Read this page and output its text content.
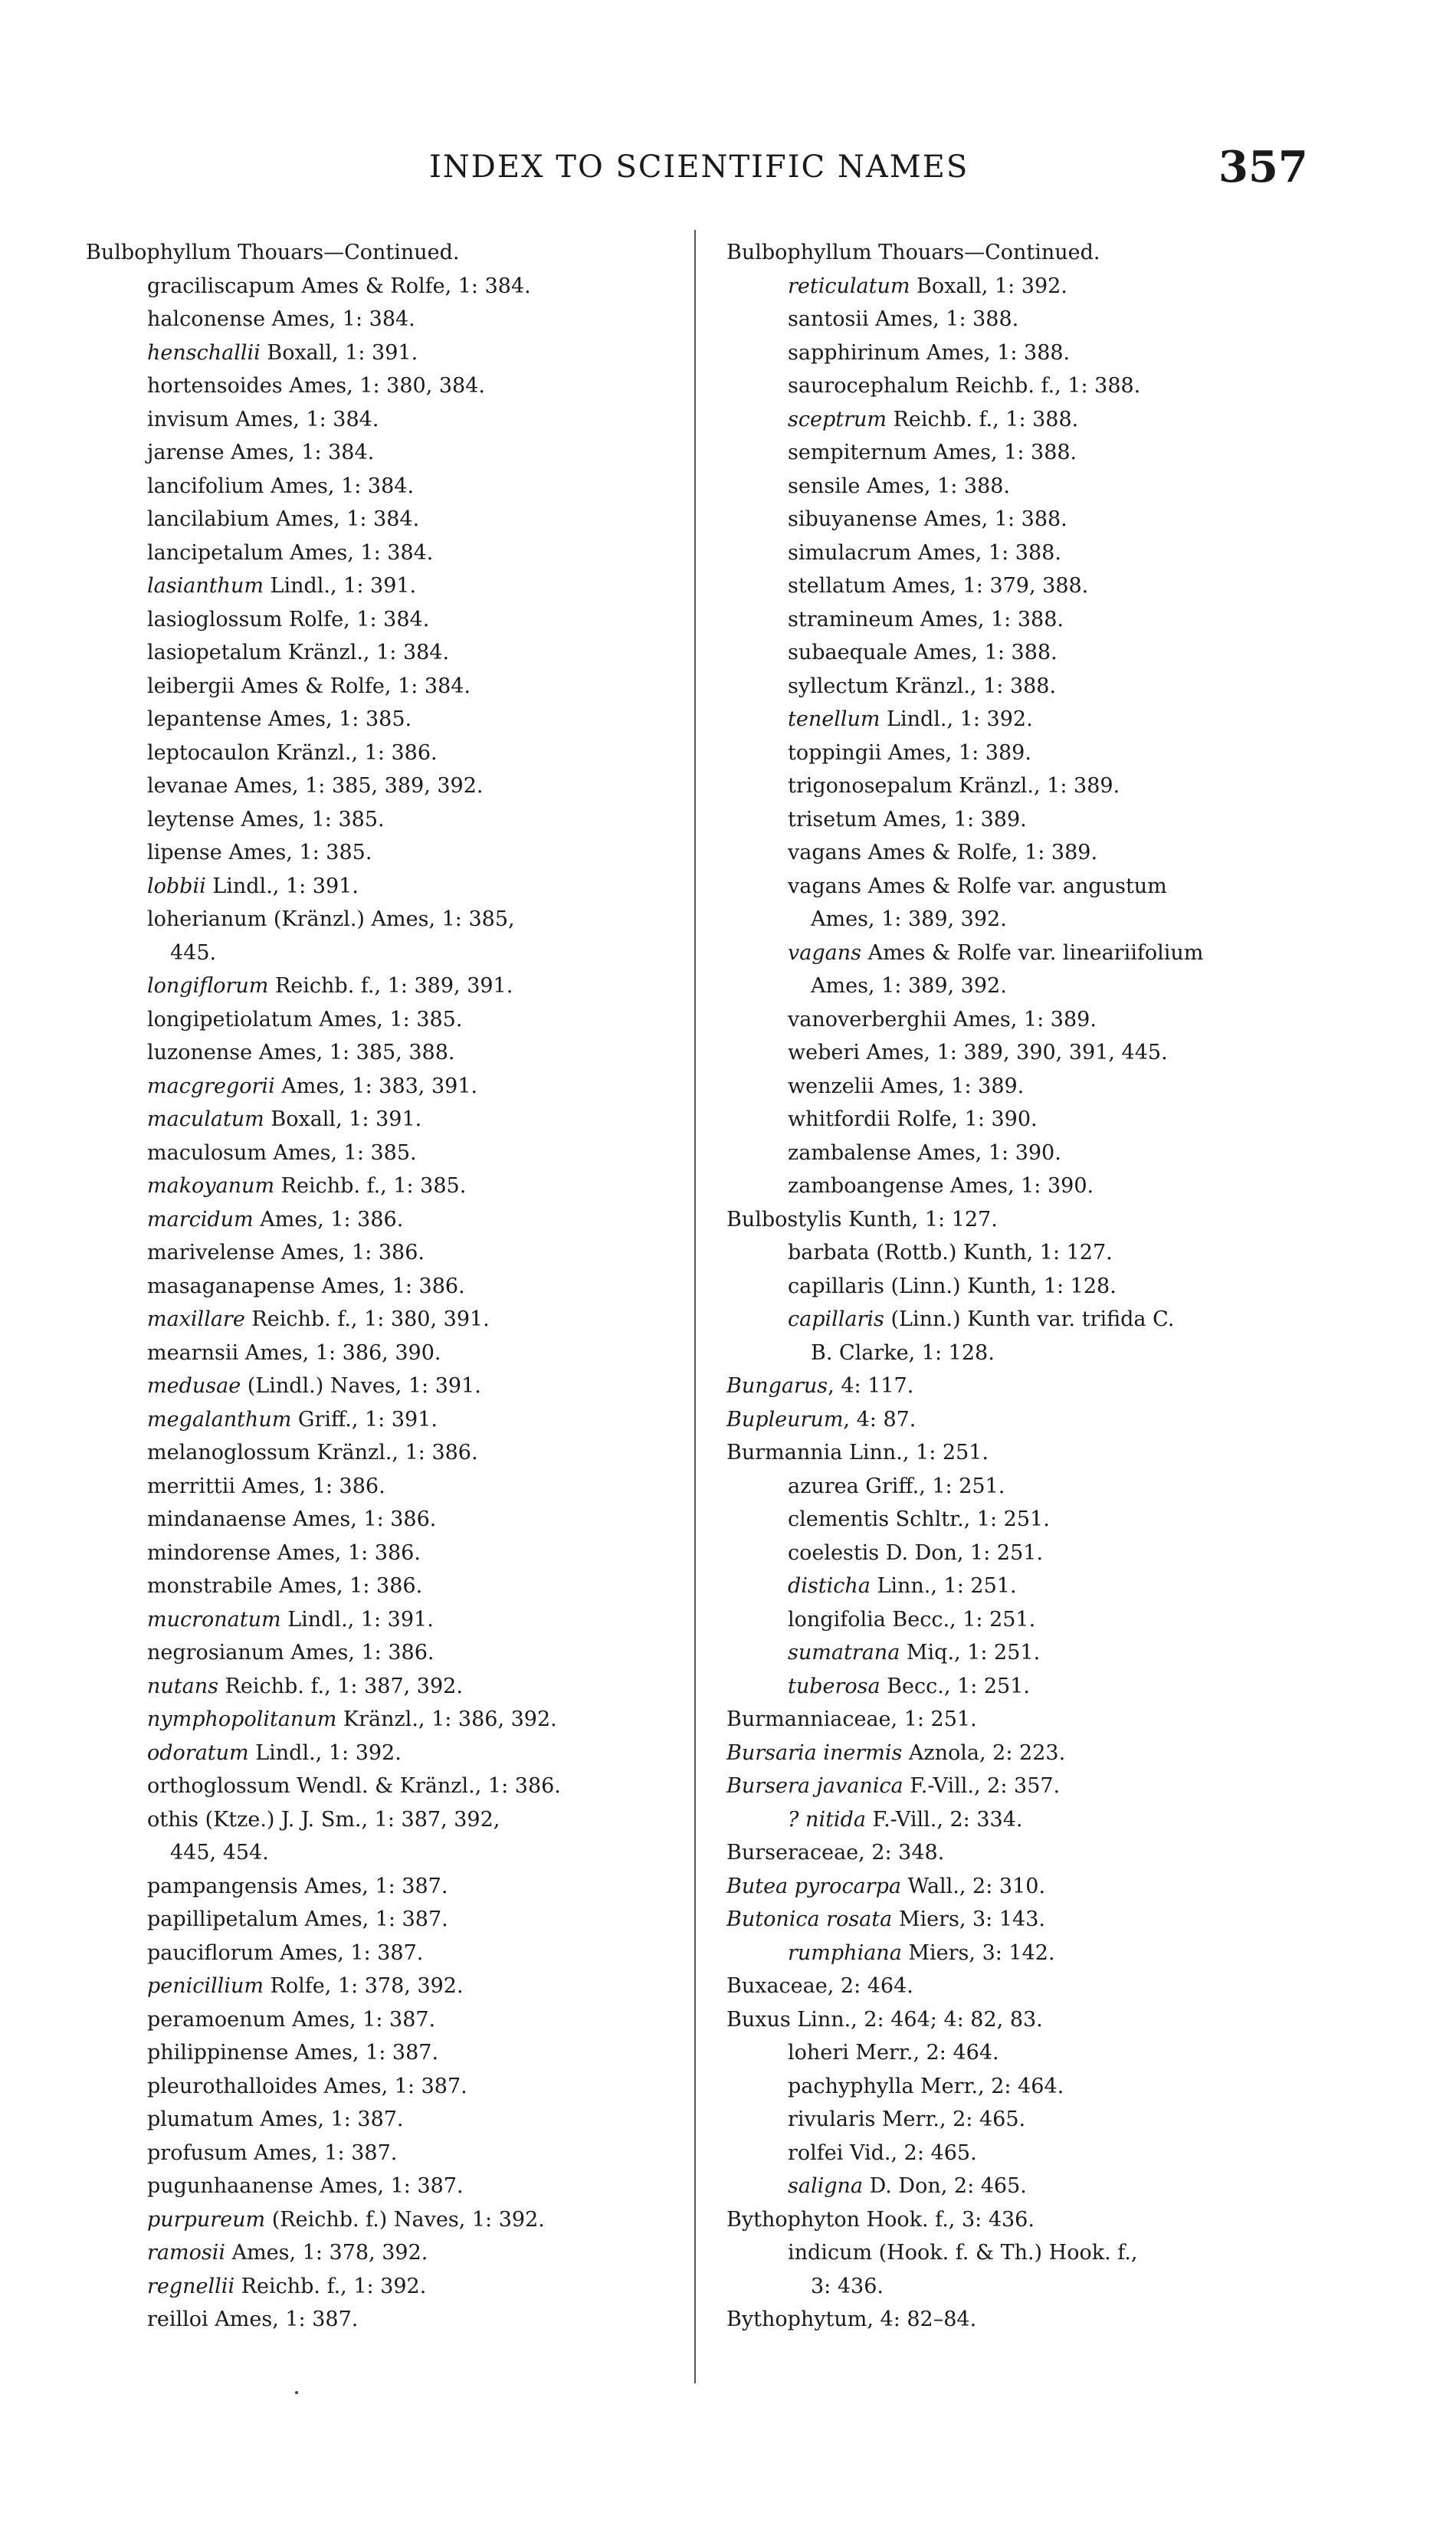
INDEX TO SCIENTIFIC NAMES	357
Bulbophyllum Thouars—Continued.
graciliscapum Ames & Rolfe, 1: 384.
halconense Ames, 1: 384.
henschallii Boxall, 1: 391.
hortensoides Ames, 1: 380, 384.
invisum Ames, 1: 384.
jarense Ames, 1: 384.
lancifolium Ames, 1: 384.
lancilabium Ames, 1: 384.
lancipetalum Ames, 1: 384.
lasianthum Lindl., 1: 391.
lasioglossum Rolfe, 1: 384.
lasiopetalum Kränzl., 1: 384.
leibergii Ames & Rolfe, 1: 384.
lepantense Ames, 1: 385.
leptocaulon Kränzl., 1: 386.
levanae Ames, 1: 385, 389, 392.
leytense Ames, 1: 385.
lipense Ames, 1: 385.
lobbii Lindl., 1: 391.
loherianum (Kränzl.) Ames, 1: 385,
445.
longiflorum Reichb. f., 1: 389, 391.
longipetiolatum Ames, 1: 385.
luzonense Ames, 1: 385, 388.
macgregorii Ames, 1: 383, 391.
maculatum Boxall, 1: 391.
maculosum Ames, 1: 385.
makoyanum Reichb. f., 1: 385.
marcidum Ames, 1: 386.
marivelense Ames, 1: 386.
masaganapense Ames, 1: 386.
maxillare Reichb. f., 1: 380, 391.
mearnsii Ames, 1: 386, 390.
medusae (Lindl.) Naves, 1: 391.
megalanthum Griff., 1: 391.
melanoglossum Kränzl., 1: 386.
merrittii Ames, 1: 386.
mindanaense Ames, 1: 386.
mindorense Ames, 1: 386.
monstrabile Ames, 1: 386.
mucronatum Lindl., 1: 391.
negrosianum Ames, 1: 386.
nutans Reichb. f., 1: 387, 392.
nymphopolitanum Kränzl., 1: 386, 392.
odoratum Lindl., 1: 392.
orthoglossum Wendl. & Kränzl., 1: 386.
othis (Ktze.) J. J. Sm., 1: 387, 392,
445, 454.
pampangensis Ames, 1: 387.
papillipetalum Ames, 1: 387.
pauciflorum Ames, 1: 387.
penicillium Rolfe, 1: 378, 392.
peramoenum Ames, 1: 387.
philippinense Ames, 1: 387.
pleurothalloides Ames, 1: 387.
plumatum Ames, 1: 387.
profusum Ames, 1: 387.
pugunhaanense Ames, 1: 387.
purpureum (Reichb. f.) Naves, 1: 392.
ramosii Ames, 1: 378, 392.
regnellii Reichb. f., 1: 392.
reilloi Ames, 1: 387.
Bulbophyllum Thouars—Continued.
reticulatum Boxall, 1: 392.
santosii Ames, 1: 388.
sapphirinum Ames, 1: 388.
saurocephalum Reichb. f., 1: 388.
sceptrum Reichb. f., 1: 388.
sempiternum Ames, 1: 388.
sensile Ames, 1: 388.
sibuyanense Ames, 1: 388.
simulacrum Ames, 1: 388.
stellatum Ames, 1: 379, 388.
stramineum Ames, 1: 388.
subaequale Ames, 1: 388.
syllectum Kränzl., 1: 388.
tenellum Lindl., 1: 392.
toppingii Ames, 1: 389.
trigonosepalum Kränzl., 1: 389.
trisetum Ames, 1: 389.
vagans Ames & Rolfe, 1: 389.
vagans Ames & Rolfe var. angustum
Ames, 1: 389, 392.
vagans Ames & Rolfe var. lineariifolium
Ames, 1: 389, 392.
vanoverberghii Ames, 1: 389.
weberi Ames, 1: 389, 390, 391, 445.
wenzelii Ames, 1: 389.
whitfordii Rolfe, 1: 390.
zambalense Ames, 1: 390.
zamboangense Ames, 1: 390.
Bulbostylis Kunth, 1: 127.
barbata (Rottb.) Kunth, 1: 127.
capillaris (Linn.) Kunth, 1: 128.
capillaris (Linn.) Kunth var. trifida C.
B. Clarke, 1: 128.
Bungarus, 4: 117.
Bupleurum, 4: 87.
Burmannia Linn., 1: 251.
azurea Griff., 1: 251.
clementis Schltr., 1: 251.
coelestis D. Don, 1: 251.
disticha Linn., 1: 251.
longifolia Becc., 1: 251.
sumatrana Miq., 1: 251.
tuberosa Becc., 1: 251.
Burmanniaceae, 1: 251.
Bursaria inermis Aznola, 2: 223.
Bursera javanica F.-Vill., 2: 357.
? nitida F.-Vill., 2: 334.
Burseraceae, 2: 348.
Butea pyrocarpa Wall., 2: 310.
Butonica rosata Miers, 3: 143.
rumphiana Miers, 3: 142.
Buxaceae, 2: 464.
Buxus Linn., 2: 464; 4: 82, 83.
loheri Merr., 2: 464.
pachyphylla Merr., 2: 464.
rivularis Merr., 2: 465.
rolfei Vid., 2: 465.
saligna D. Don, 2: 465.
Bythophyton Hook. f., 3: 436.
indicum (Hook. f. & Th.) Hook. f.,
3: 436.
Bythophytum, 4: 82–84.
